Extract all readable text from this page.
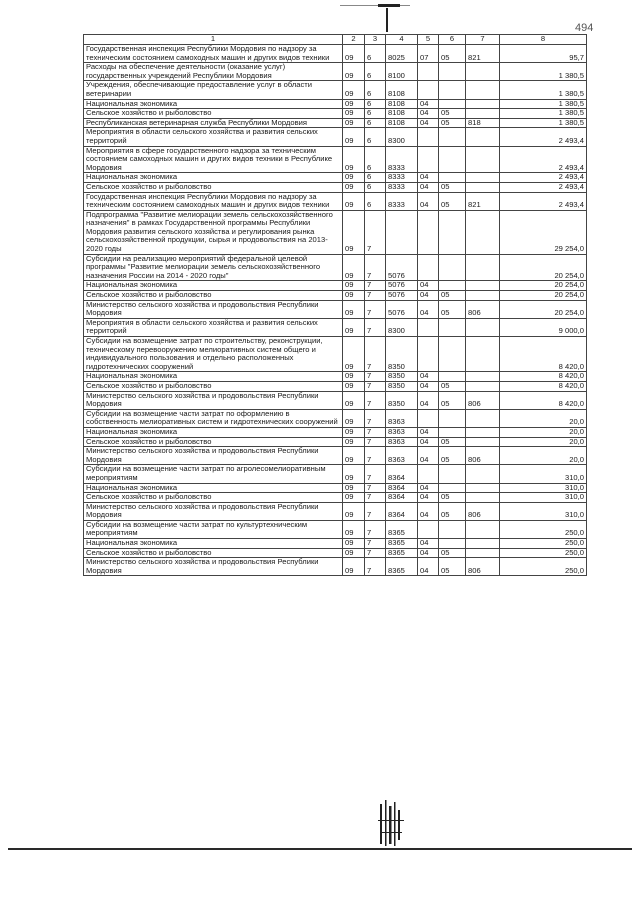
494
1	2	3	4	5	6	7	8
Государственная инспекция Республики Мордовия по надзору за техническим состоянием самоходных машин и других видов техники	09	6	8025	07	05	821	95,7
Расходы на обеспечение деятельности (оказание услуг) государственных учреждений Республики Мордовия	09	6	8100				1 380,5
Учреждения, обеспечивающие предоставление услуг в области ветеринарии	09	6	8108				1 380,5
Национальная экономика	09	6	8108	04			1 380,5
Сельское хозяйство и рыболовство	09	6	8108	04	05		1 380,5
Республиканская ветеринарная служба Республики Мордовия	09	6	8108	04	05	818	1 380,5
Мероприятия в области сельского хозяйства и развития сельских территорий	09	6	8300				2 493,4
Мероприятия в сфере государственного надзора за техническим состоянием самоходных машин и других видов техники в Республике Мордовия	09	6	8333				2 493,4
Национальная экономика	09	6	8333	04			2 493,4
Сельское хозяйство и рыболовство	09	6	8333	04	05		2 493,4
Государственная инспекция Республики Мордовия по надзору за техническим состоянием самоходных машин и других видов техники	09	6	8333	04	05	821	2 493,4
Подпрограмма "Развитие мелиорации земель сельскохозяйственного назначения" в рамках Государственной программы Республики Мордовия развития сельского хозяйства и регулирования рынка сельскохозяйственной продукции, сырья и продовольствия на 2013-2020 годы	09	7					29 254,0
Субсидии на реализацию мероприятий федеральной целевой программы "Развитие мелиорации земель сельскохозяйственного назначения России на 2014 - 2020 годы"	09	7	5076				20 254,0
Национальная экономика	09	7	5076	04			20 254,0
Сельское хозяйство и рыболовство	09	7	5076	04	05		20 254,0
Министерство сельского хозяйства и продовольствия Республики Мордовия	09	7	5076	04	05	806	20 254,0
Мероприятия в области сельского хозяйства и развития сельских территорий	09	7	8300				9 000,0
Субсидии на возмещение затрат по строительству, реконструкции, техническому перевооружению мелиоративных систем общего и индивидуального пользования и отдельно расположенных гидротехнических сооружений	09	7	8350				8 420,0
Национальная экономика	09	7	8350	04			8 420,0
Сельское хозяйство и рыболовство	09	7	8350	04	05		8 420,0
Министерство сельского хозяйства и продовольствия Республики Мордовия	09	7	8350	04	05	806	8 420,0
Субсидии на возмещение части затрат по оформлению в собственность мелиоративных систем и гидротехнических сооружений	09	7	8363				20,0
Национальная экономика	09	7	8363	04			20,0
Сельское хозяйство и рыболовство	09	7	8363	04	05		20,0
Министерство сельского хозяйства и продовольствия Республики Мордовия	09	7	8363	04	05	806	20,0
Субсидии на возмещение части затрат по агролесомелиоративным мероприятиям	09	7	8364				310,0
Национальная экономика	09	7	8364	04			310,0
Сельское хозяйство и рыболовство	09	7	8364	04	05		310,0
Министерство сельского хозяйства и продовольствия Республики Мордовия	09	7	8364	04	05	806	310,0
Субсидии на возмещение части затрат по культуртехническим мероприятиям	09	7	8365				250,0
Национальная экономика	09	7	8365	04			250,0
Сельское хозяйство и рыболовство	09	7	8365	04	05		250,0
Министерство сельского хозяйства и продовольствия Республики Мордовия	09	7	8365	04	05	806	250,0
